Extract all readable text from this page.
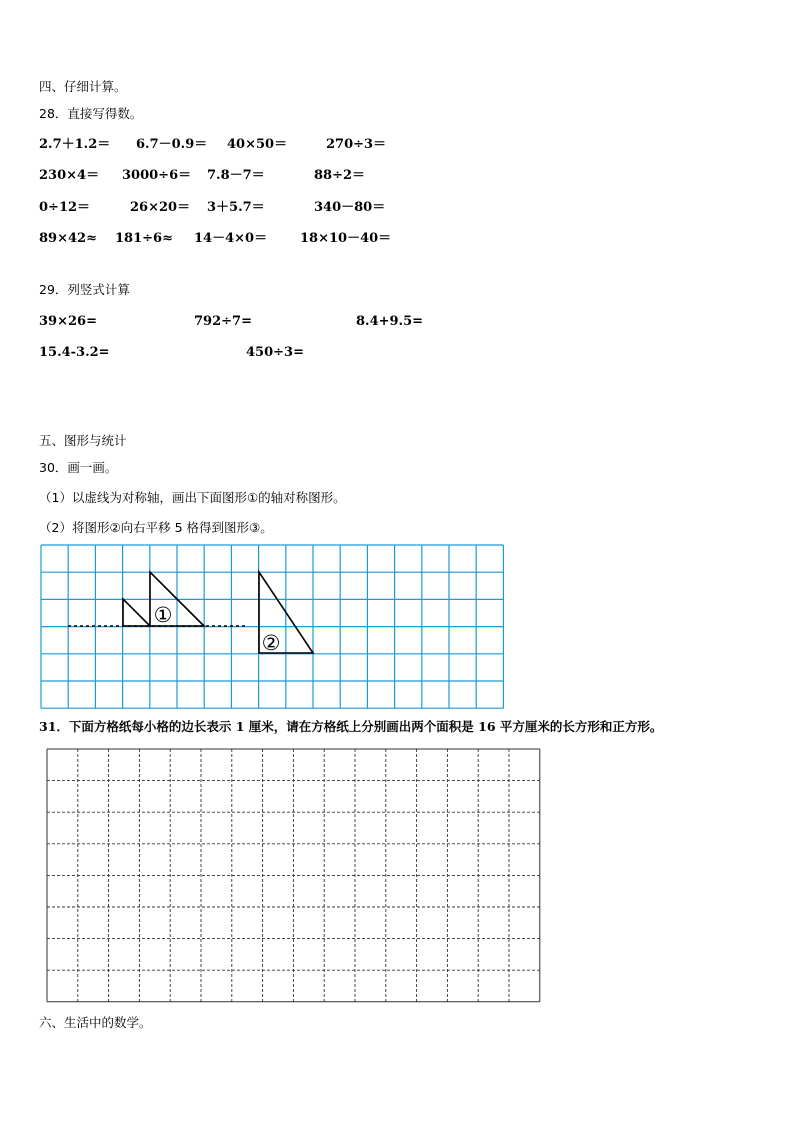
四、仔细计算。
28．直接写得数。
2.7＋1.2＝ 6.7－0.9＝ 40×50＝	270÷3＝
230×4＝ 3000÷6＝ 7.8－7＝	88÷2＝
0÷12＝	26×20＝ 3＋5.7＝	340－80＝
89×42≈ 181÷6≈ 14－4×0＝	18×10－40＝
29．列竖式计算
39×26=	792÷7=	8.4+9.5=
15.4-3.2=	450÷3=
五、图形与统计
30．画一画。
（1）以虚线为对称轴，画出下面图形①的轴对称图形。
（2）将图形②向右平移 5 格得到图形③。
①
②
31．下面方格纸每小格的边长表示 1 厘米，请在方格纸上分别画出两个面积是 16 平方厘米的长方形和正方形。
六、生活中的数学。
